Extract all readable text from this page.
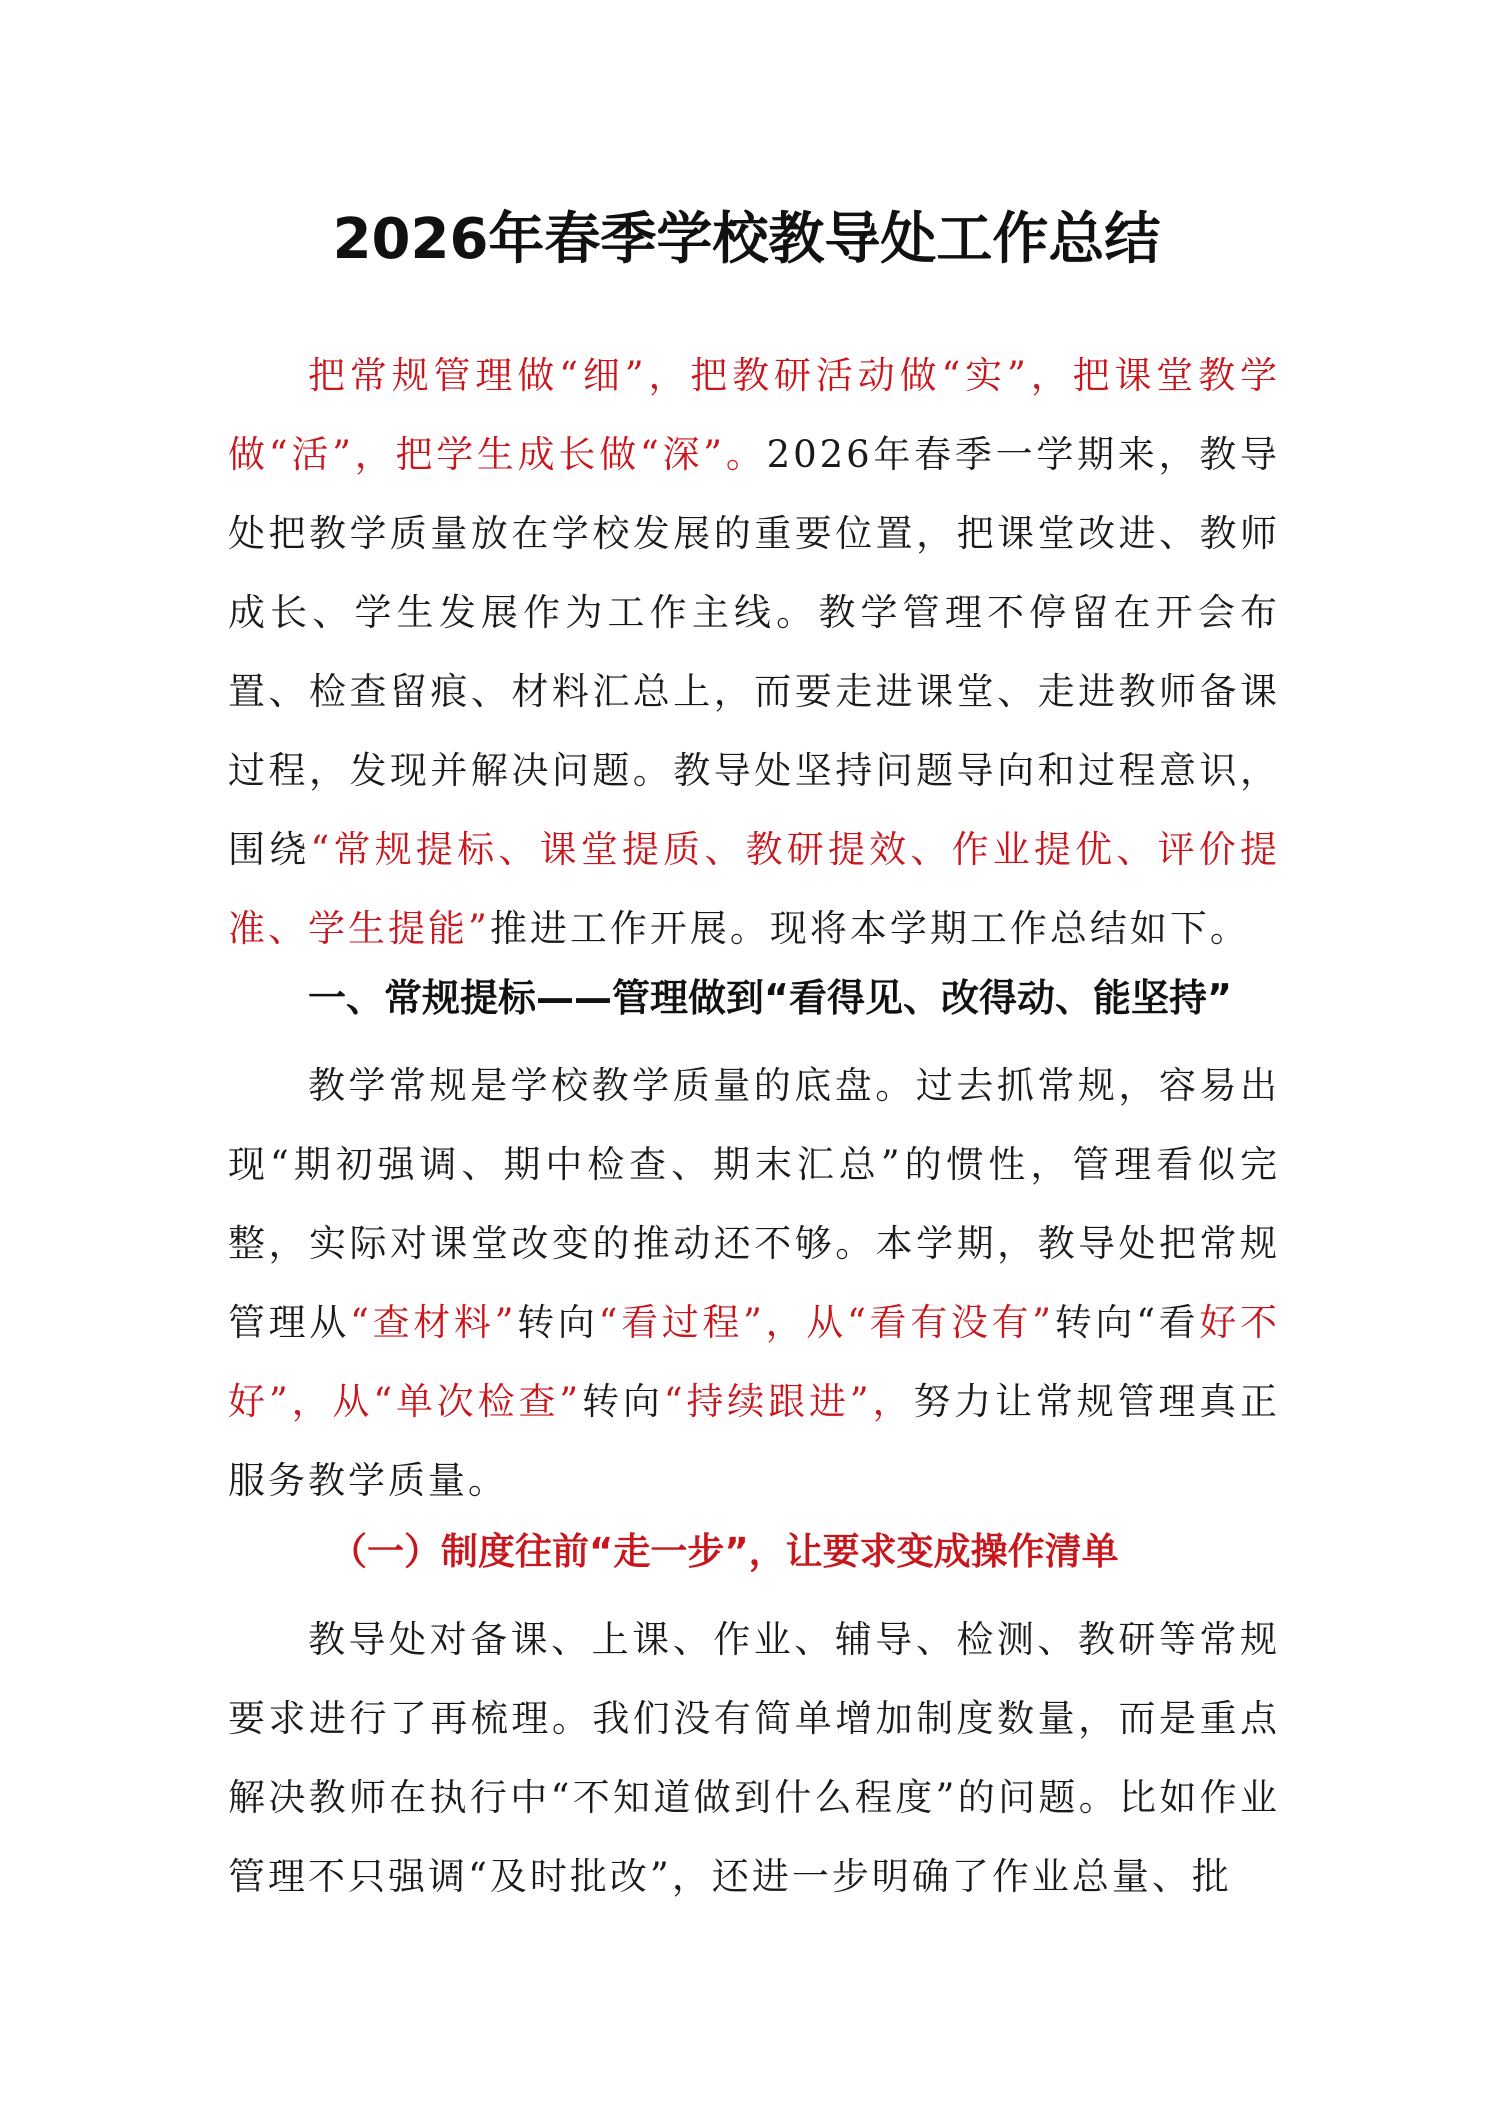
2026年春季学校教导处工作总结
把常规管理做“细”，把教研活动做“实”，把课堂教学做“活”，把学生成长做“深”。2026年春季一学期来，教导处把教学质量放在学校发展的重要位置，把课堂改进、教师成长、学生发展作为工作主线。教学管理不停留在开会布置、检查留痕、材料汇总上，而要走进课堂、走进教师备课过程，发现并解决问题。教导处坚持问题导向和过程意识，围绕“常规提标、课堂提质、教研提效、作业提优、评价提准、学生提能”推进工作开展。现将本学期工作总结如下。
一、常规提标——管理做到“看得见、改得动、能坚持”
教学常规是学校教学质量的底盘。过去抓常规，容易出现“期初强调、期中检查、期末汇总”的惯性，管理看似完整，实际对课堂改变的推动还不够。本学期，教导处把常规管理从“查材料”转向“看过程”，从“看有没有”转向“看好不好”，从“单次检查”转向“持续跟进”，努力让常规管理真正服务教学质量。
（一）制度往前“走一步”，让要求变成操作清单
教导处对备课、上课、作业、辅导、检测、教研等常规要求进行了再梳理。我们没有简单增加制度数量，而是重点解决教师在执行中“不知道做到什么程度”的问题。比如作业管理不只强调“及时批改”，还进一步明确了作业总量、批
